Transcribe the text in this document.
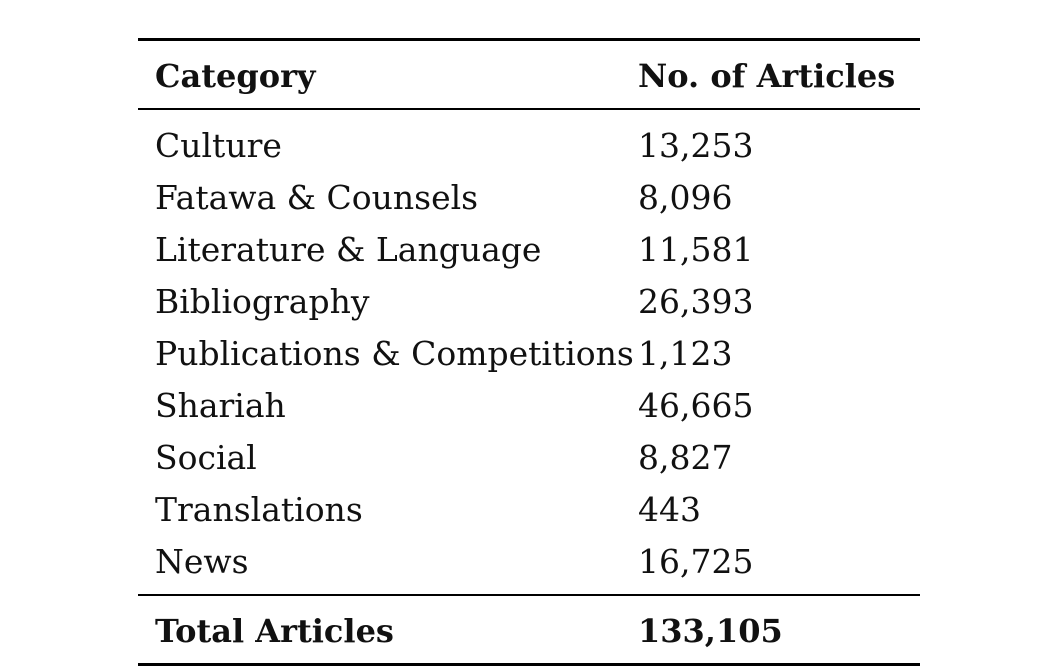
Category	No. of Articles
Culture	13,253
Fatawa & Counsels	8,096
Literature & Language	11,581
Bibliography	26,393
Publications & Competitions 1,123
Shariah	46,665
Social	8,827
Translations	443
News	16,725
Total Articles	133,105
